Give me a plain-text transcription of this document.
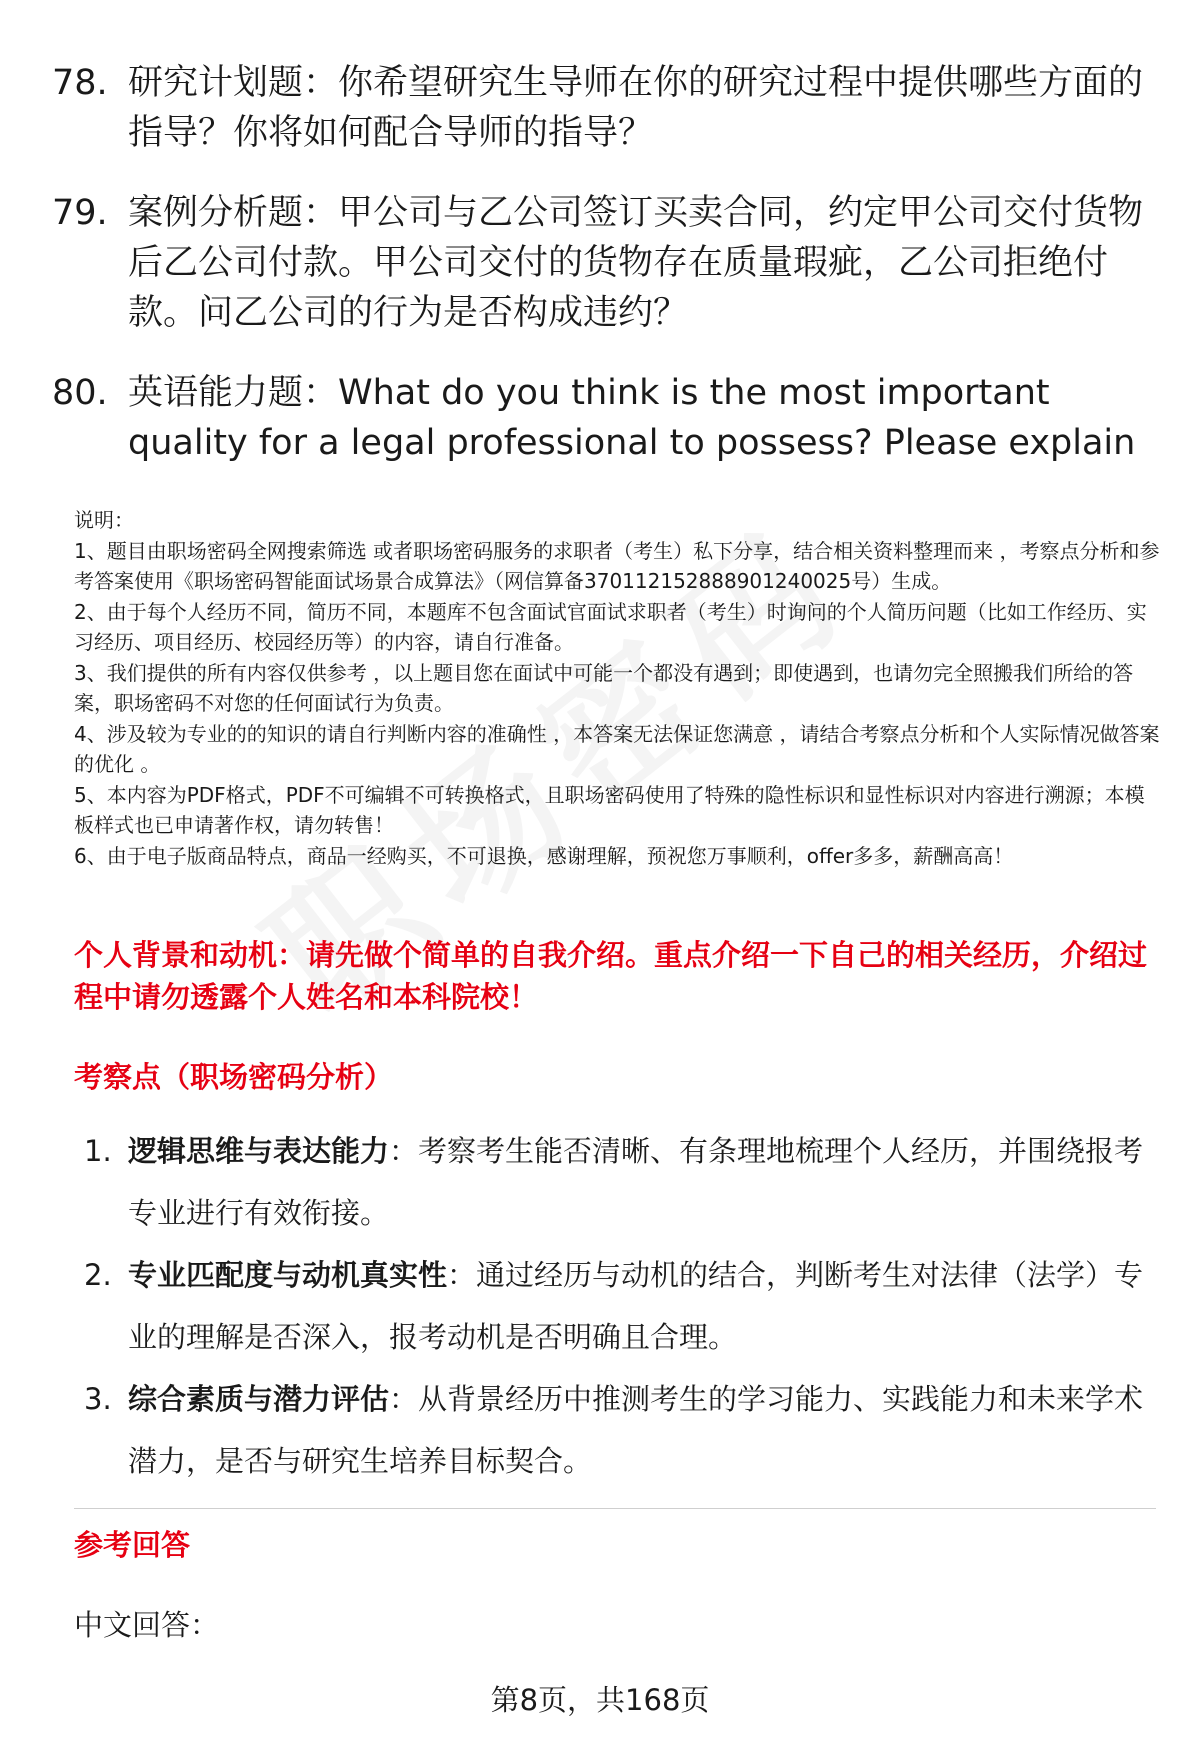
78. 研究计划题：你希望研究生导师在你的研究过程中提供哪些方面的指导？你将如何配合导师的指导？
79. 案例分析题：甲公司与乙公司签订买卖合同，约定甲公司交付货物后乙公司付款。甲公司交付的货物存在质量瑕疵，乙公司拒绝付款。问乙公司的行为是否构成违约？
80. 英语能力题：What do you think is the most important quality for a legal professional to possess? Please explain

说明：

1、题目由职场密码全网搜索筛选 或者职场密码服务的求职者（考生）私下分享，结合相关资料整理而来 ，考察点分析和参考答案使用《职场密码智能面试场景合成算法》（网信算备370112152888901240025号）生成。

2、由于每个人经历不同，简历不同，本题库不包含面试官面试求职者（考生）时询问的个人简历问题（比如工作经历、实习经历、项目经历、校园经历等）的内容，请自行准备。

3、我们提供的所有内容仅供参考 ，以上题目您在面试中可能一个都没有遇到；即使遇到，也请勿完全照搬我们所给的答案，职场密码不对您的任何面试行为负责。

4、涉及较为专业的的知识的请自行判断内容的准确性 ，本答案无法保证您满意 ，请结合考察点分析和个人实际情况做答案的优化 。

5、本内容为PDF格式，PDF不可编辑不可转换格式，且职场密码使用了特殊的隐性标识和显性标识对内容进行溯源；本模板样式也已申请著作权，请勿转售！

6、由于电子版商品特点，商品一经购买，不可退换，感谢理解，预祝您万事顺利，offer多多，薪酬高高！

个人背景和动机：请先做个简单的自我介绍。重点介绍一下自己的相关经历，介绍过程中请勿透露个人姓名和本科院校！
考察点（职场密码分析）
1. 逻辑思维与表达能力：考察考生能否清晰、有条理地梳理个人经历，并围绕报考专业进行有效衔接。
2. 专业匹配度与动机真实性：通过经历与动机的结合，判断考生对法律（法学）专业的理解是否深入，报考动机是否明确且合理。
3. 综合素质与潜力评估：从背景经历中推测考生的学习能力、实践能力和未来学术潜力，是否与研究生培养目标契合。
参考回答
中文回答：
第8页，共168页
